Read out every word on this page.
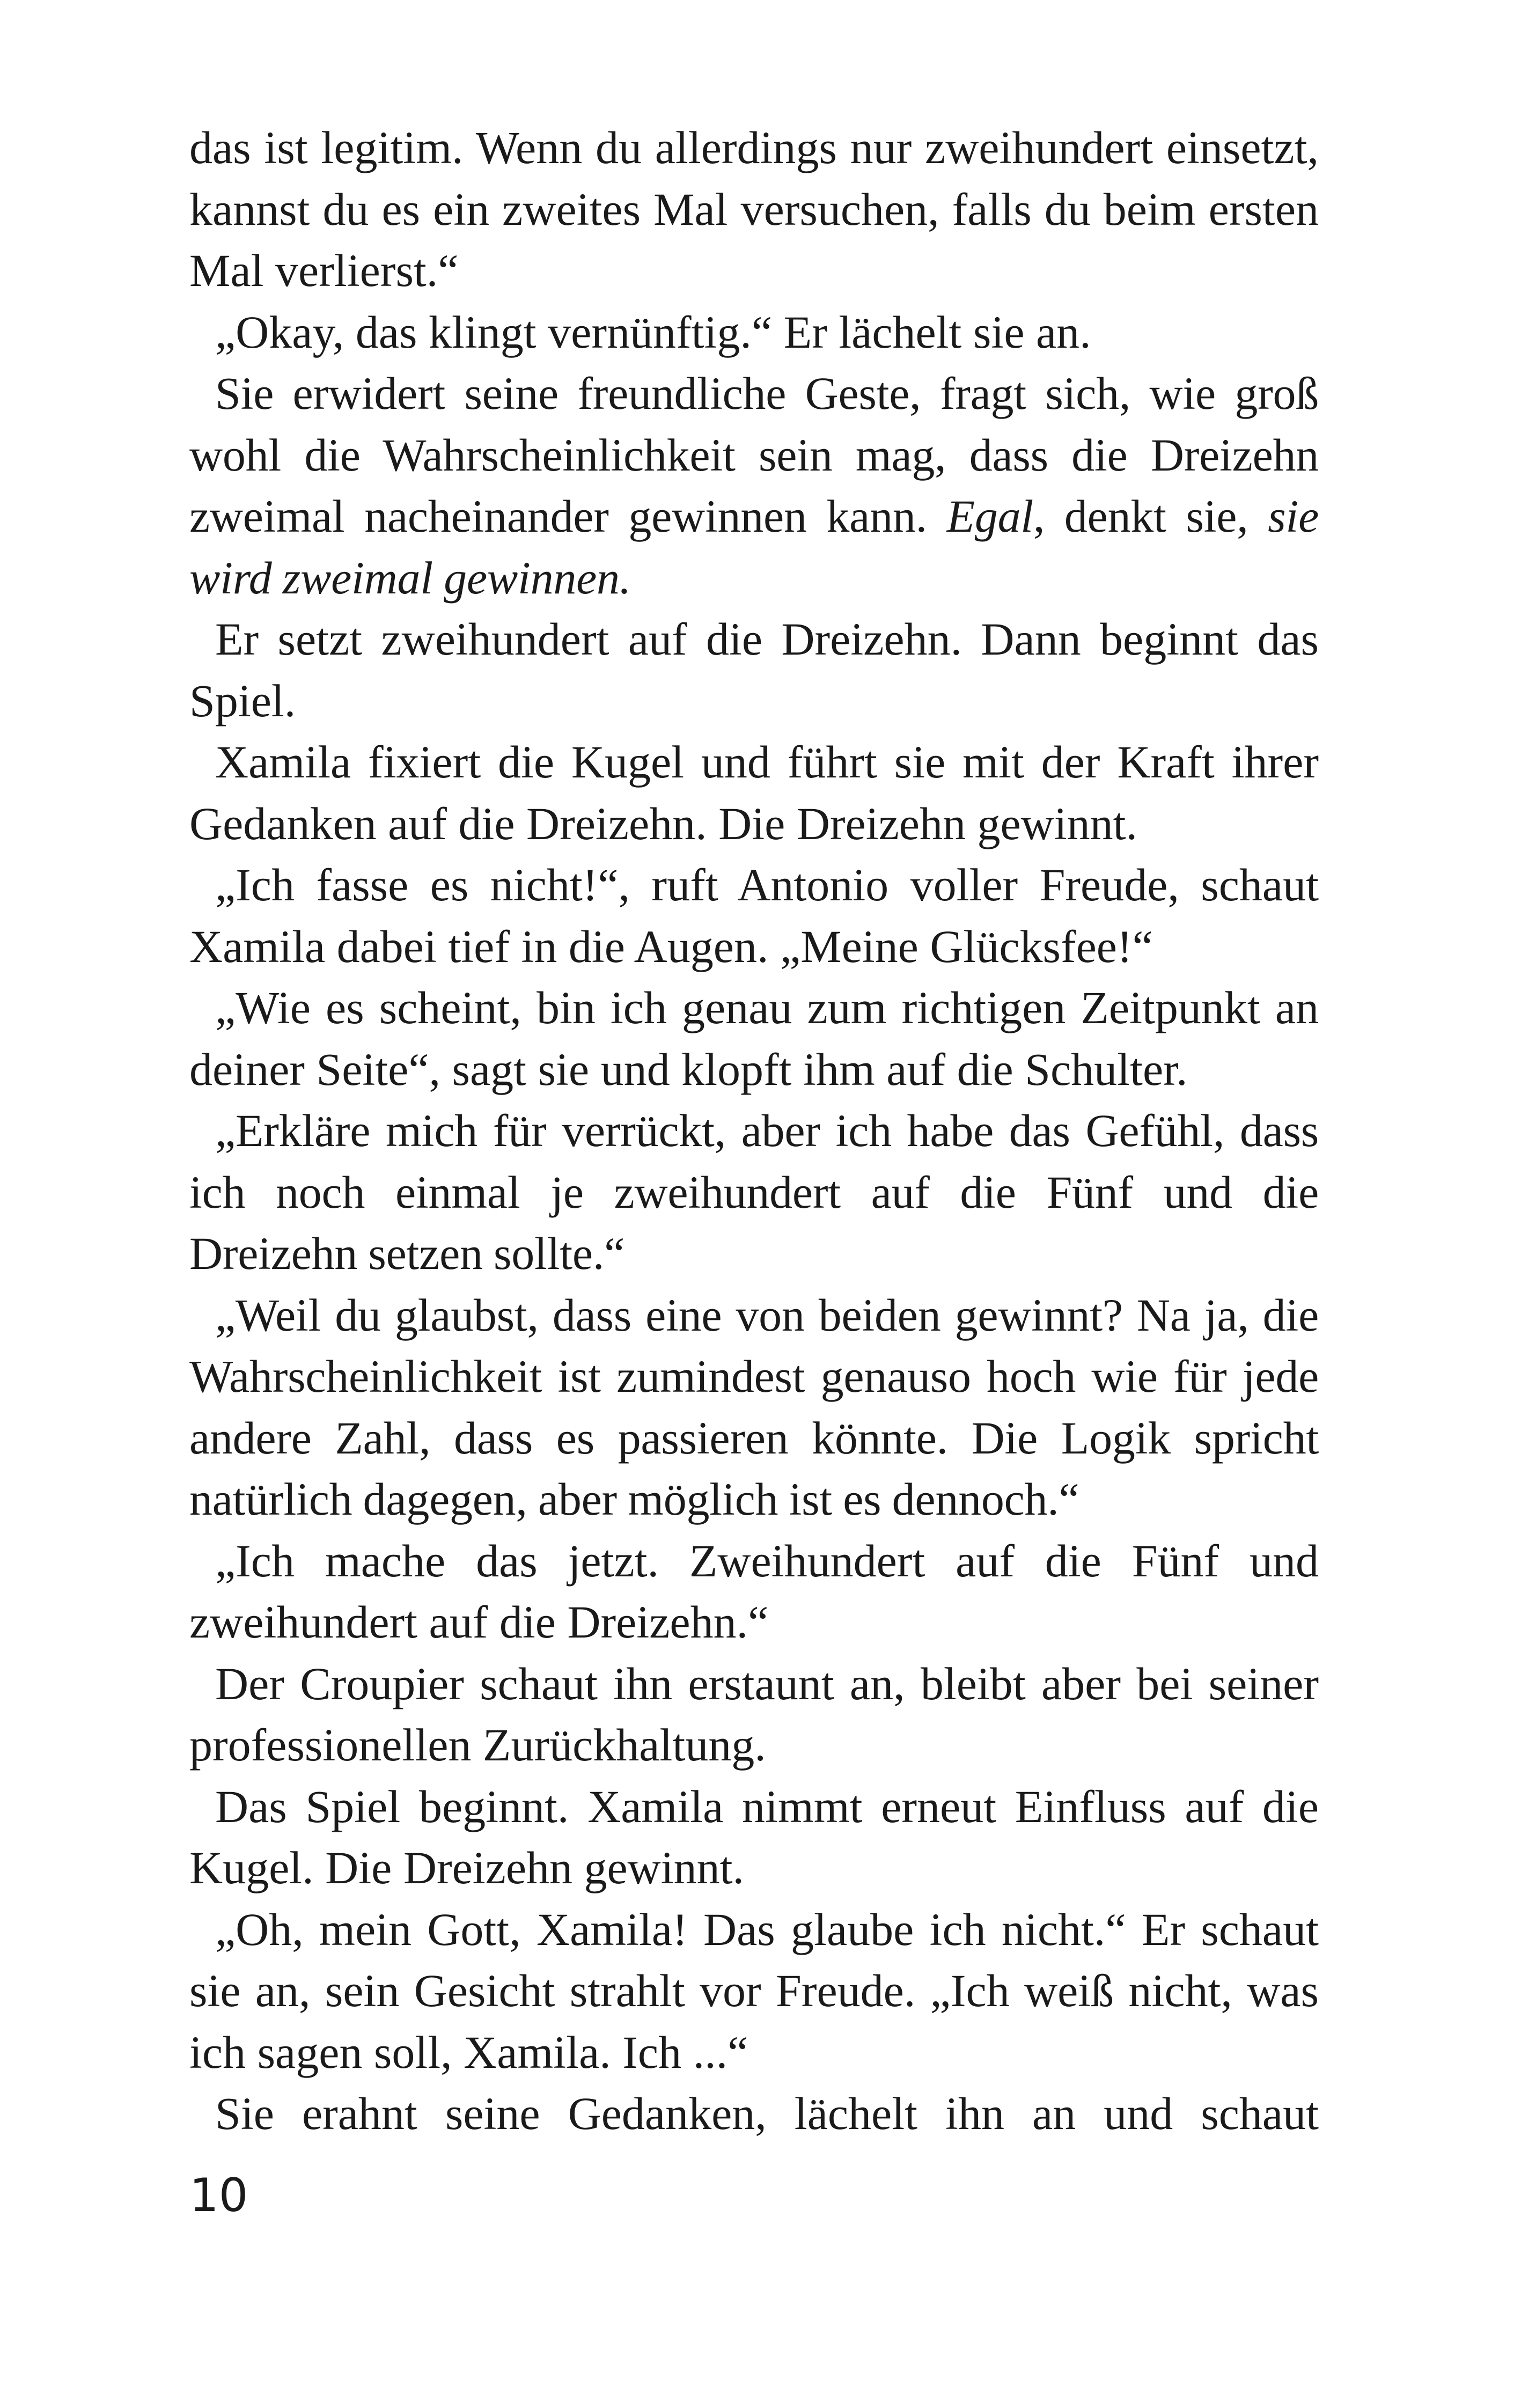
das ist legitim. Wenn du allerdings nur zweihundert einsetzt, kannst du es ein zweites Mal versuchen, falls du beim ersten Mal verlierst.“

„Okay, das klingt vernünftig.“ Er lächelt sie an.

Sie erwidert seine freundliche Geste, fragt sich, wie groß wohl die Wahrscheinlichkeit sein mag, dass die Dreizehn zweimal nacheinander gewinnen kann. Egal, denkt sie, sie wird zweimal gewinnen.

Er setzt zweihundert auf die Dreizehn. Dann beginnt das Spiel.

Xamila fixiert die Kugel und führt sie mit der Kraft ihrer Gedanken auf die Dreizehn. Die Dreizehn gewinnt.

„Ich fasse es nicht!“, ruft Antonio voller Freude, schaut Xamila dabei tief in die Augen. „Meine Glücksfee!“

„Wie es scheint, bin ich genau zum richtigen Zeitpunkt an deiner Seite“, sagt sie und klopft ihm auf die Schulter.

„Erkläre mich für verrückt, aber ich habe das Gefühl, dass ich noch einmal je zweihundert auf die Fünf und die Dreizehn setzen sollte.“

„Weil du glaubst, dass eine von beiden gewinnt? Na ja, die Wahrscheinlichkeit ist zumindest genauso hoch wie für jede andere Zahl, dass es passieren könnte. Die Logik spricht natürlich dagegen, aber möglich ist es dennoch.“

„Ich mache das jetzt. Zweihundert auf die Fünf und zweihundert auf die Dreizehn.“

Der Croupier schaut ihn erstaunt an, bleibt aber bei seiner professionellen Zurückhaltung.

Das Spiel beginnt. Xamila nimmt erneut Einfluss auf die Kugel. Die Dreizehn gewinnt.

„Oh, mein Gott, Xamila! Das glaube ich nicht.“ Er schaut sie an, sein Gesicht strahlt vor Freude. „Ich weiß nicht, was ich sagen soll, Xamila. Ich ...“

Sie erahnt seine Gedanken, lächelt ihn an und schaut

10
